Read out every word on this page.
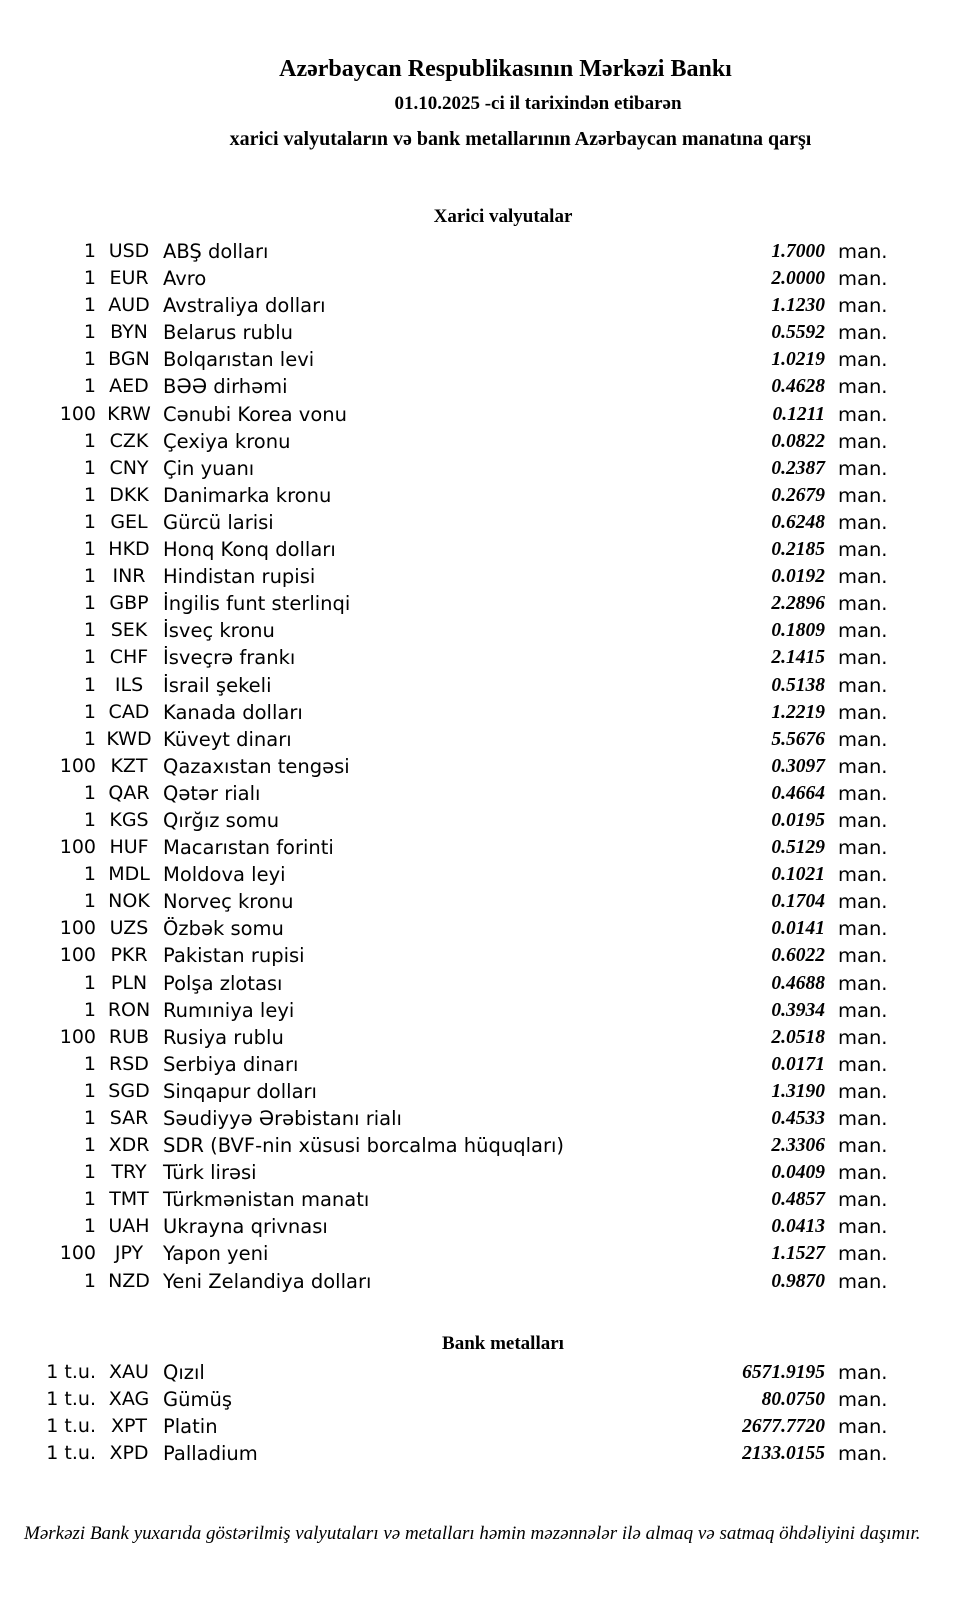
Azərbaycan Respublikasının Mərkəzi Bankı
01.10.2025 -ci il tarixindən etibarən
xarici valyutaların və bank metallarının Azərbaycan manatına qarşı
Xarici valyutalar
1 USD ABŞ dolları	1.7000 man.
1 EUR Avro	2.0000 man.
1 AUD Avstraliya dolları	1.1230 man.
1 BYN Belarus rublu	0.5592 man.
1 BGN Bolqarıstan levi	1.0219 man.
1 AED BƏƏ dirhəmi	0.4628 man.
100 KRW Cənubi Korea vonu	0.1211 man.
1 CZK Çexiya kronu	0.0822 man.
1 CNY Çin yuanı	0.2387 man.
1 DKK Danimarka kronu	0.2679 man.
1 GEL Gürcü larisi	0.6248 man.
1 HKD Honq Konq dolları	0.2185 man.
1 INR Hindistan rupisi	0.0192 man.
1 GBP İngilis funt sterlinqi	2.2896 man.
1 SEK İsveç kronu	0.1809 man.
1 CHF İsveçrə frankı	2.1415 man.
1 ILS	İsrail şekeli	0.5138 man.
1 CAD Kanada dolları	1.2219 man.
1 KWD Küveyt dinarı	5.5676 man.
100 KZT Qazaxıstan tengəsi	0.3097 man.
1 QAR Qətər rialı	0.4664 man.
1 KGS Qırğız somu	0.0195 man.
100 HUF Macarıstan forinti	0.5129 man.
1 MDL Moldova leyi	0.1021 man.
1 NOK Norveç kronu	0.1704 man.
100 UZS Özbək somu	0.0141 man.
100 PKR Pakistan rupisi	0.6022 man.
1 PLN Polşa zlotası	0.4688 man.
1 RON Rumıniya leyi	0.3934 man.
100 RUB Rusiya rublu	2.0518 man.
1 RSD Serbiya dinarı	0.0171 man.
1 SGD Sinqapur dolları	1.3190 man.
1 SAR Səudiyyə Ərəbistanı rialı	0.4533 man.
1 XDR SDR (BVF-nin xüsusi borcalma hüquqları)	2.3306 man.
1 TRY Türk lirəsi	0.0409 man.
1 TMT Türkmənistan manatı	0.4857 man.
1 UAH Ukrayna qrivnası	0.0413 man.
100 JPY	Yapon yeni	1.1527 man.
1 NZD Yeni Zelandiya dolları	0.9870 man.
Bank metalları
1 t.u. XAU Qızıl	6571.9195 man.
1 t.u. XAG Gümüş	80.0750 man.
1 t.u. XPT Platin	2677.7720 man.
1 t.u. XPD Palladium	2133.0155 man.
Mərkəzi Bank yuxarıda göstərilmiş valyutaları və metalları həmin məzənnələr ilə almaq və satmaq öhdəliyini daşımır.
